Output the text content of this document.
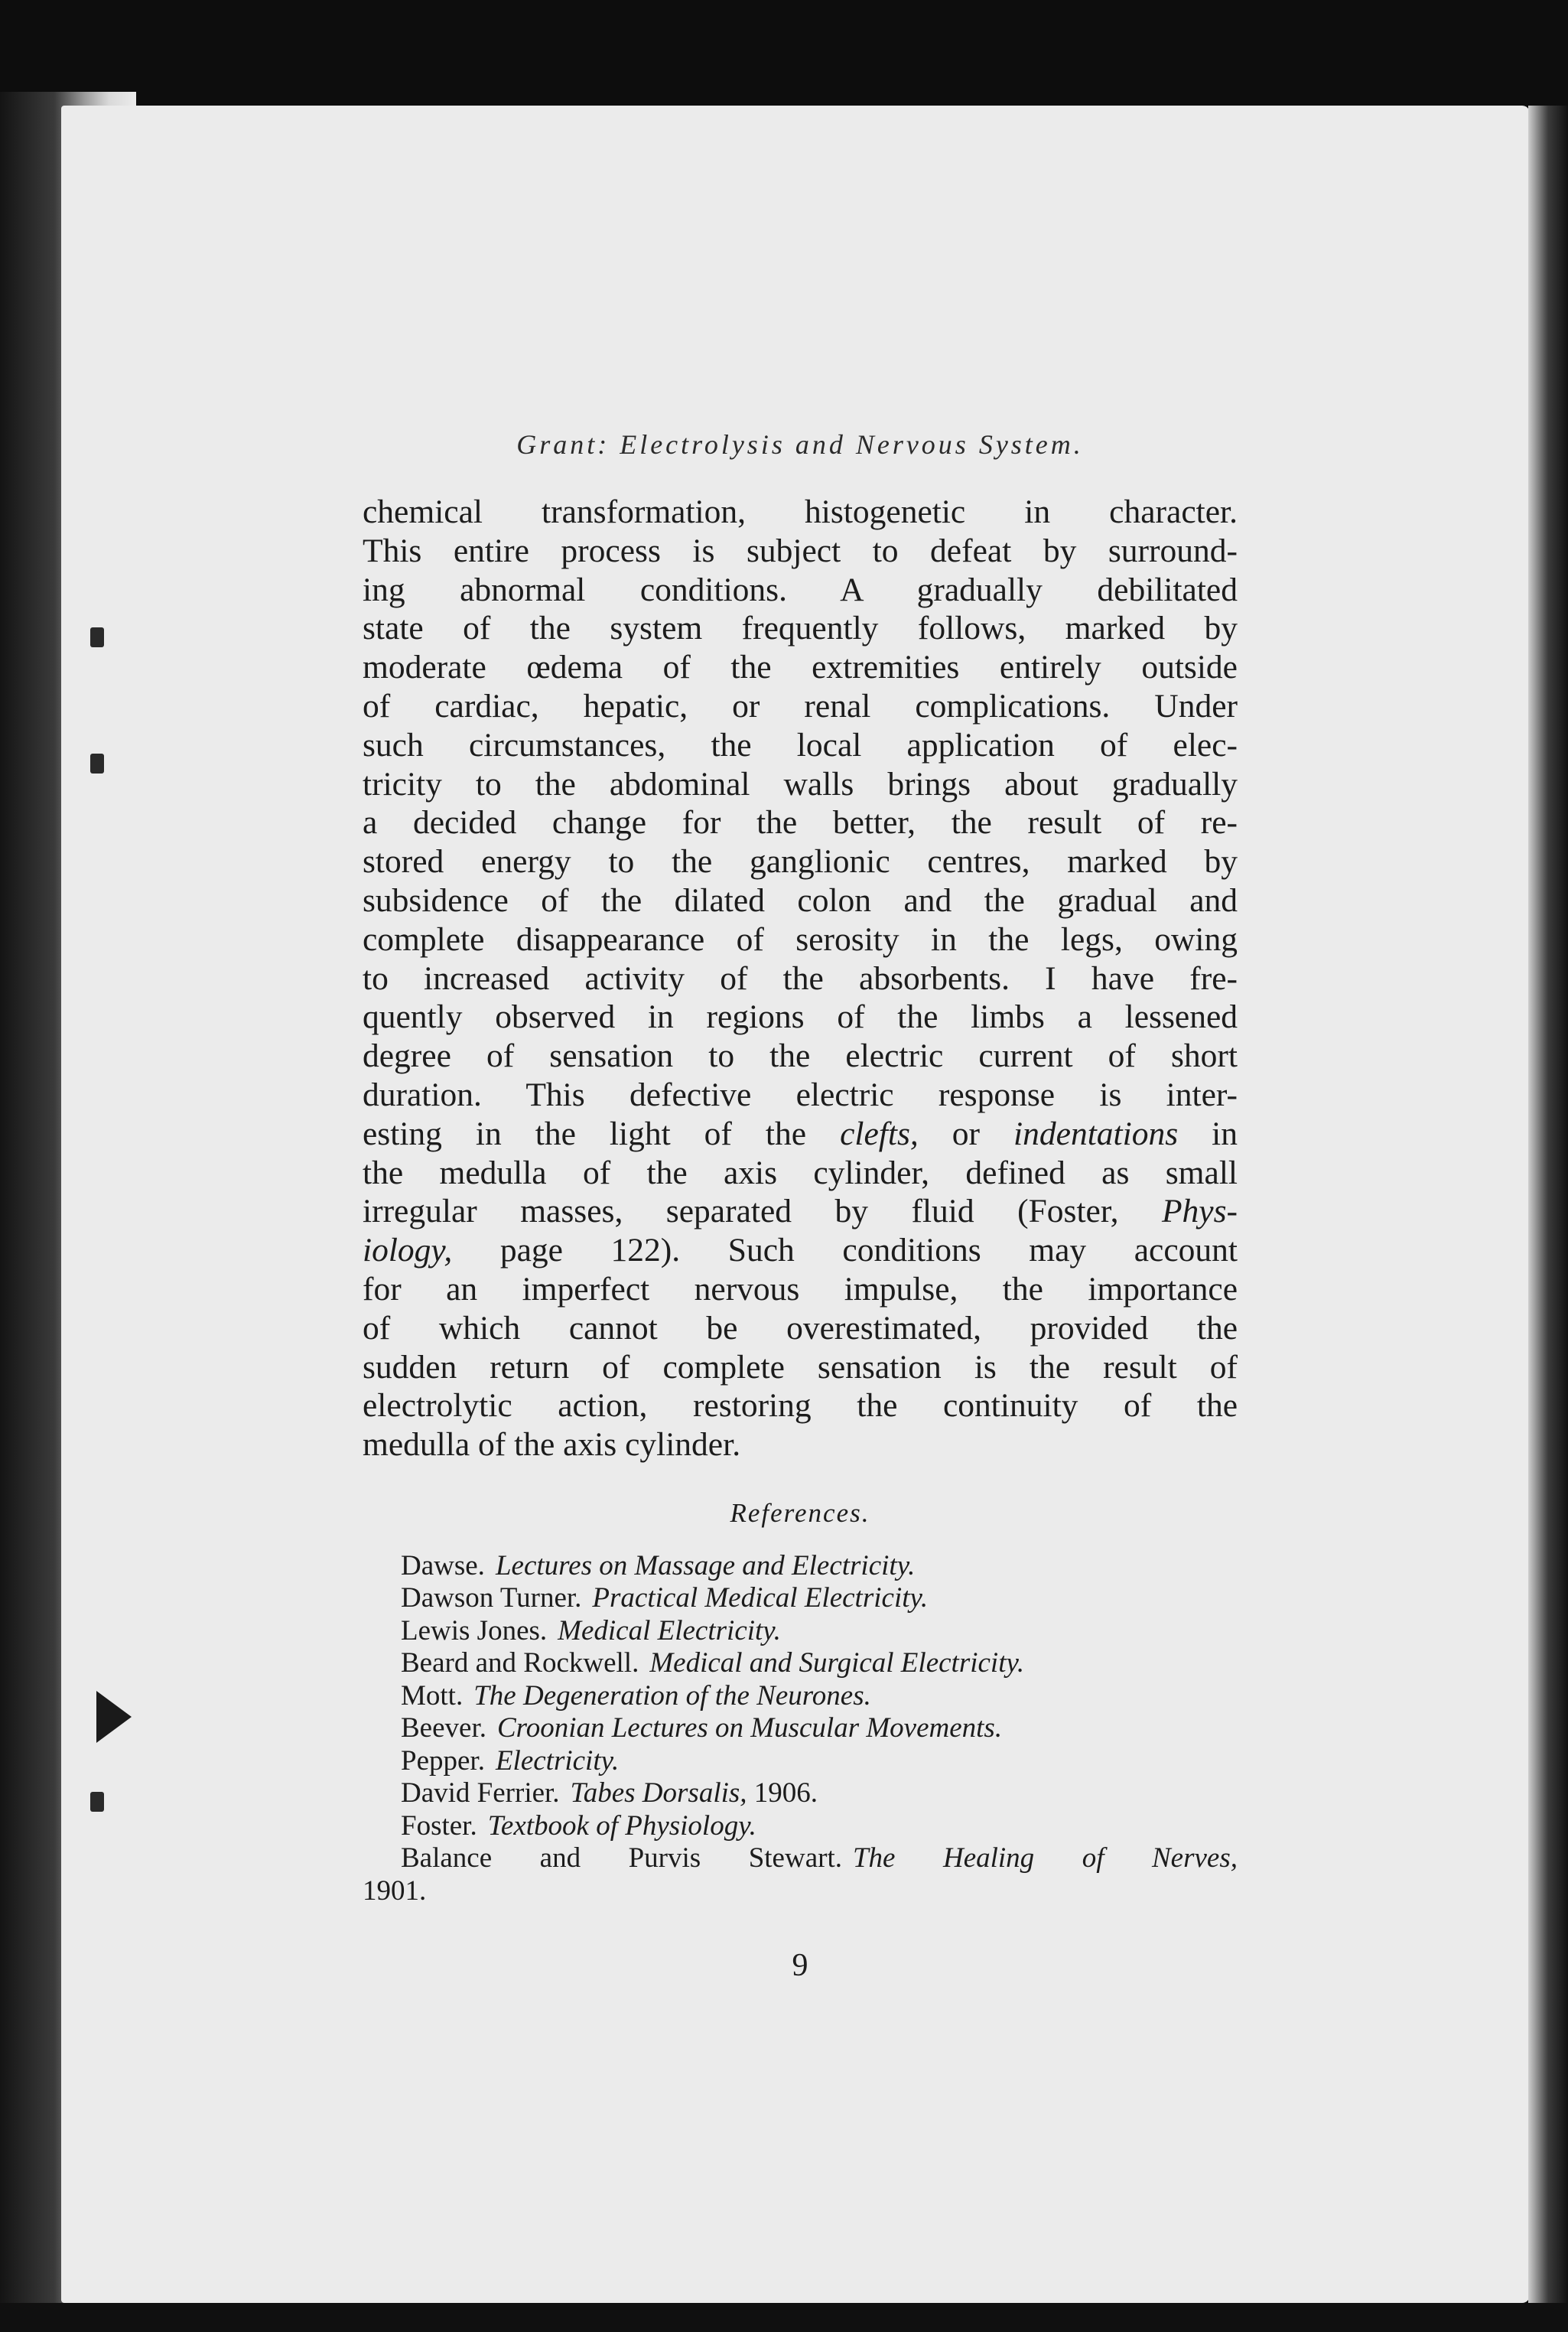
Grant: Electrolysis and Nervous System.

chemical transformation, histogenetic in character.

This entire process is subject to defeat by surround-

ing abnormal conditions. A gradually debilitated

state of the system frequently follows, marked by

moderate œdema of the extremities entirely outside

of cardiac, hepatic, or renal complications. Under

such circumstances, the local application of elec-

tricity to the abdominal walls brings about gradually

a decided change for the better, the result of re-

stored energy to the ganglionic centres, marked by

subsidence of the dilated colon and the gradual and

complete disappearance of serosity in the legs, owing

to increased activity of the absorbents. I have fre-

quently observed in regions of the limbs a lessened

degree of sensation to the electric current of short

duration. This defective electric response is inter-

esting in the light of the clefts, or indentations in

the medulla of the axis cylinder, defined as small

irregular masses, separated by fluid (Foster, Phys-

iology, page 122). Such conditions may account

for an imperfect nervous impulse, the importance

of which cannot be overestimated, provided the

sudden return of complete sensation is the result of

electrolytic action, restoring the continuity of the

medulla of the axis cylinder.

References.

Dawse. Lectures on Massage and Electricity.

Dawson Turner. Practical Medical Electricity.

Lewis Jones. Medical Electricity.

Beard and Rockwell. Medical and Surgical Electricity.

Mott. The Degeneration of the Neurones.

Beever. Croonian Lectures on Muscular Movements.

Pepper. Electricity.

David Ferrier. Tabes Dorsalis, 1906.

Foster. Textbook of Physiology.

Balance and Purvis Stewart. The Healing of Nerves,

1901.

9
